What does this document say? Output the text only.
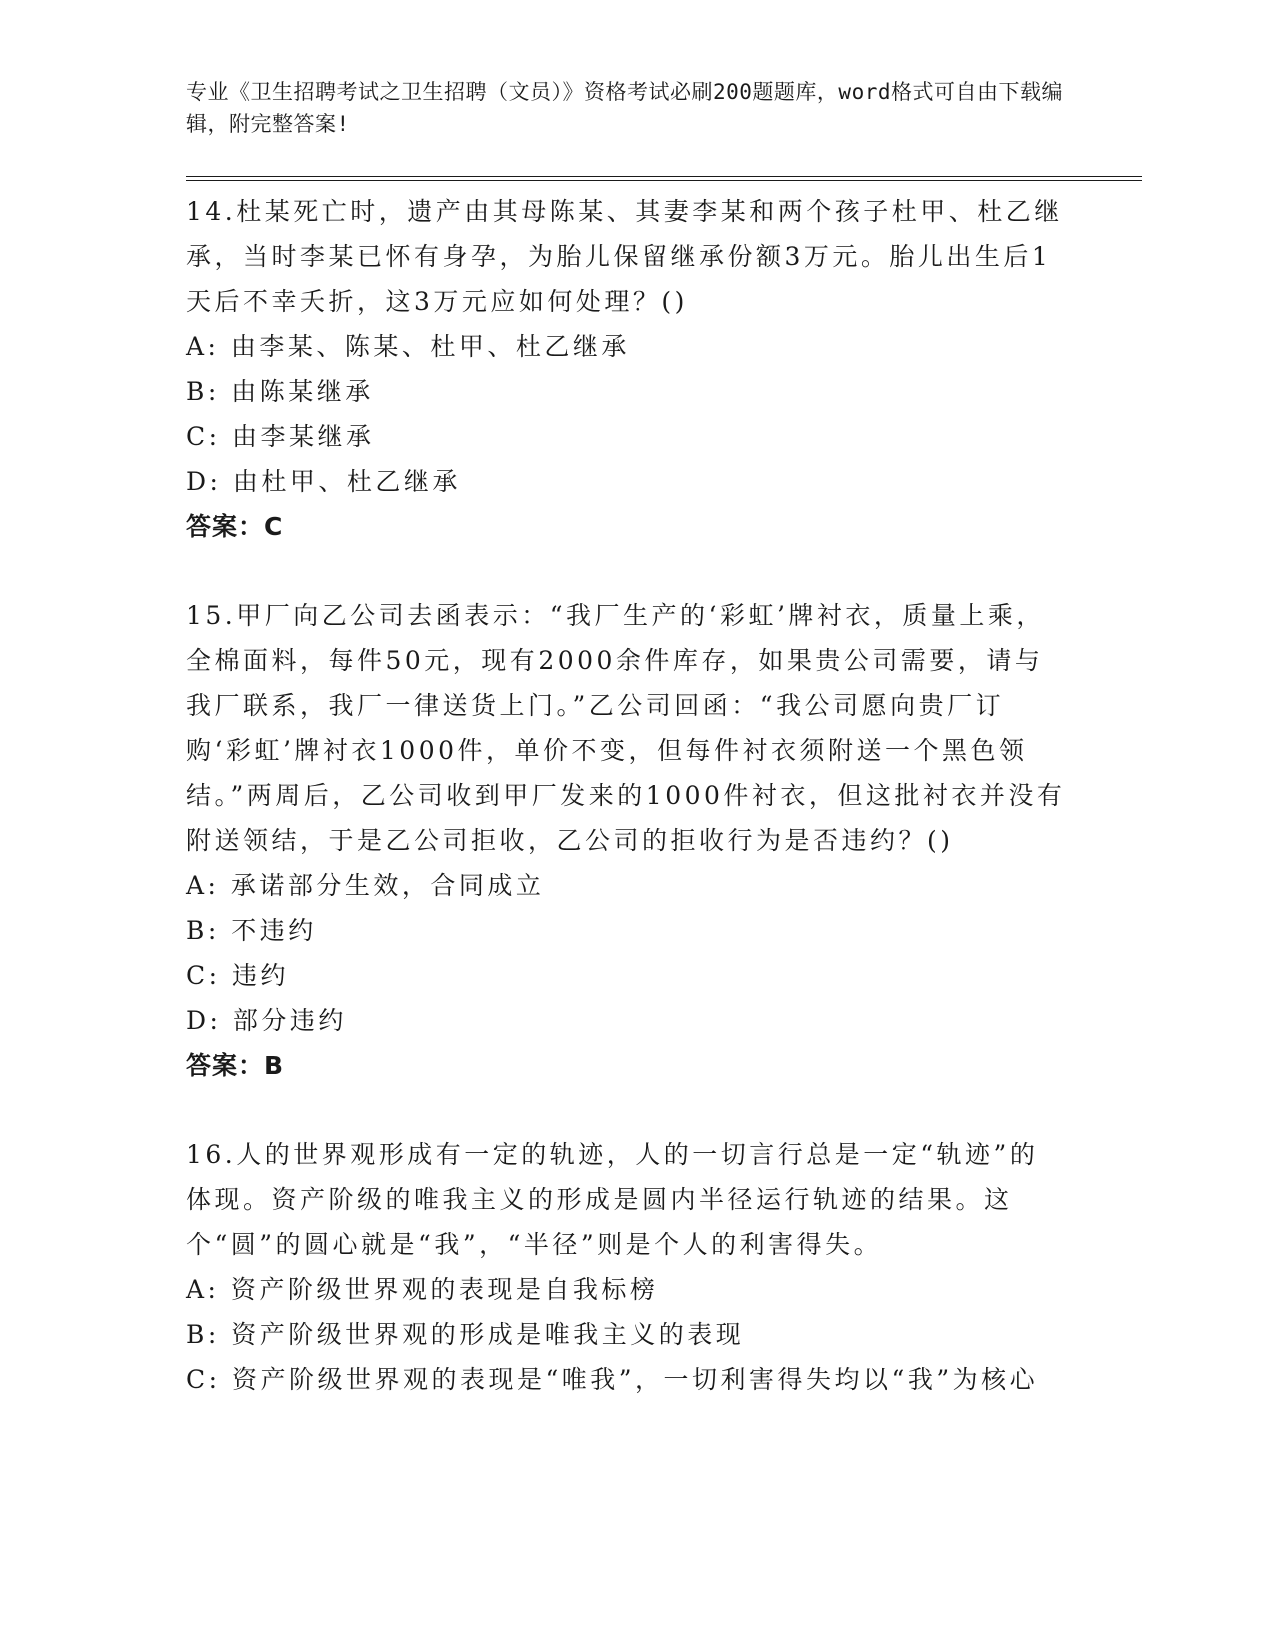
专业《卫生招聘考试之卫生招聘（文员）》资格考试必刷200题题库，word格式可自由下载编辑，附完整答案!
14.杜某死亡时，遗产由其母陈某、其妻李某和两个孩子杜甲、杜乙继承，当时李某已怀有身孕，为胎儿保留继承份额3万元。胎儿出生后1天后不幸夭折，这3万元应如何处理？()
A: 由李某、陈某、杜甲、杜乙继承
B: 由陈某继承
C: 由李某继承
D: 由杜甲、杜乙继承
答案：C
15.甲厂向乙公司去函表示：“我厂生产的‘彩虹’牌衬衣，质量上乘，全棉面料，每件50元，现有2000余件库存，如果贵公司需要，请与我厂联系，我厂一律送货上门。”乙公司回函：“我公司愿向贵厂订购‘彩虹’牌衬衣1000件，单价不变，但每件衬衣须附送一个黑色领结。”两周后，乙公司收到甲厂发来的1000件衬衣，但这批衬衣并没有附送领结，于是乙公司拒收，乙公司的拒收行为是否违约？()
A: 承诺部分生效，合同成立
B: 不违约
C: 违约
D: 部分违约
答案：B
16.人的世界观形成有一定的轨迹，人的一切言行总是一定“轨迹”的体现。资产阶级的唯我主义的形成是圆内半径运行轨迹的结果。这个“圆”的圆心就是“我”，“半径”则是个人的利害得失。
A: 资产阶级世界观的表现是自我标榜
B: 资产阶级世界观的形成是唯我主义的表现
C: 资产阶级世界观的表现是“唯我”，一切利害得失均以“我”为核心
